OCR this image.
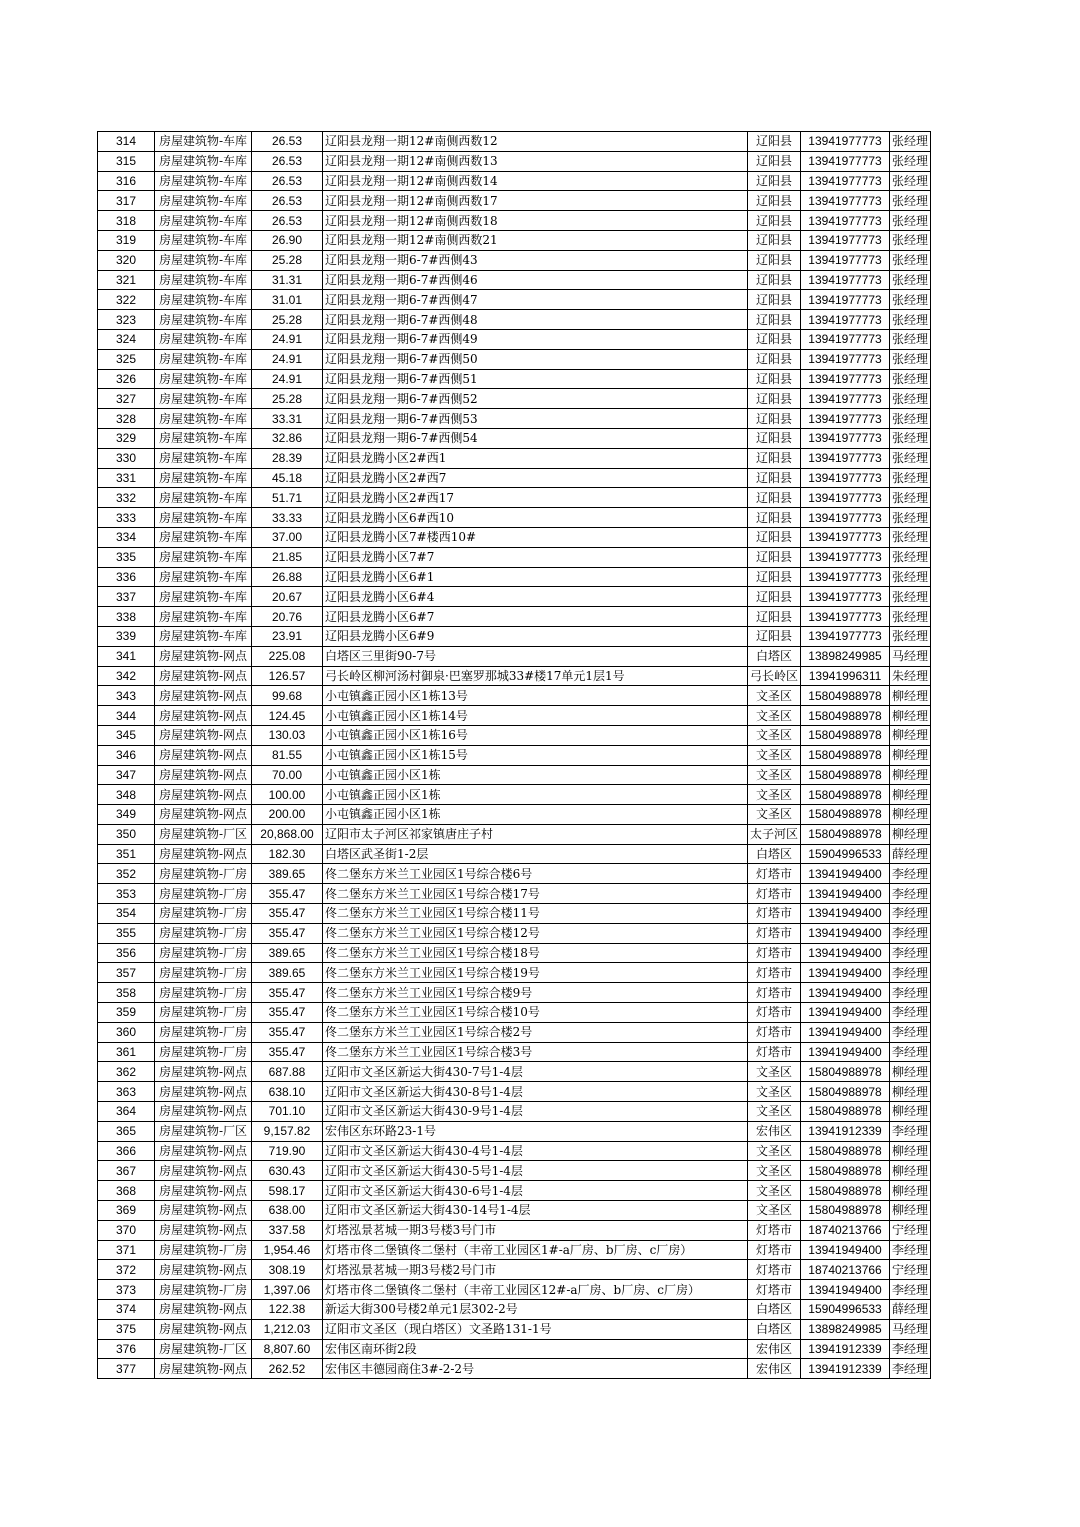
314	房屋建筑物-车库	26.53	辽阳县龙翔一期12#南侧西数12	辽阳县	13941977773	张经理
315	房屋建筑物-车库	26.53	辽阳县龙翔一期12#南侧西数13	辽阳县	13941977773	张经理
316	房屋建筑物-车库	26.53	辽阳县龙翔一期12#南侧西数14	辽阳县	13941977773	张经理
317	房屋建筑物-车库	26.53	辽阳县龙翔一期12#南侧西数17	辽阳县	13941977773	张经理
318	房屋建筑物-车库	26.53	辽阳县龙翔一期12#南侧西数18	辽阳县	13941977773	张经理
319	房屋建筑物-车库	26.90	辽阳县龙翔一期12#南侧西数21	辽阳县	13941977773	张经理
320	房屋建筑物-车库	25.28	辽阳县龙翔一期6-7#西侧43	辽阳县	13941977773	张经理
321	房屋建筑物-车库	31.31	辽阳县龙翔一期6-7#西侧46	辽阳县	13941977773	张经理
322	房屋建筑物-车库	31.01	辽阳县龙翔一期6-7#西侧47	辽阳县	13941977773	张经理
323	房屋建筑物-车库	25.28	辽阳县龙翔一期6-7#西侧48	辽阳县	13941977773	张经理
324	房屋建筑物-车库	24.91	辽阳县龙翔一期6-7#西侧49	辽阳县	13941977773	张经理
325	房屋建筑物-车库	24.91	辽阳县龙翔一期6-7#西侧50	辽阳县	13941977773	张经理
326	房屋建筑物-车库	24.91	辽阳县龙翔一期6-7#西侧51	辽阳县	13941977773	张经理
327	房屋建筑物-车库	25.28	辽阳县龙翔一期6-7#西侧52	辽阳县	13941977773	张经理
328	房屋建筑物-车库	33.31	辽阳县龙翔一期6-7#西侧53	辽阳县	13941977773	张经理
329	房屋建筑物-车库	32.86	辽阳县龙翔一期6-7#西侧54	辽阳县	13941977773	张经理
330	房屋建筑物-车库	28.39	辽阳县龙腾小区2#西1	辽阳县	13941977773	张经理
331	房屋建筑物-车库	45.18	辽阳县龙腾小区2#西7	辽阳县	13941977773	张经理
332	房屋建筑物-车库	51.71	辽阳县龙腾小区2#西17	辽阳县	13941977773	张经理
333	房屋建筑物-车库	33.33	辽阳县龙腾小区6#西10	辽阳县	13941977773	张经理
334	房屋建筑物-车库	37.00	辽阳县龙腾小区7#楼西10#	辽阳县	13941977773	张经理
335	房屋建筑物-车库	21.85	辽阳县龙腾小区7#7	辽阳县	13941977773	张经理
336	房屋建筑物-车库	26.88	辽阳县龙腾小区6#1	辽阳县	13941977773	张经理
337	房屋建筑物-车库	20.67	辽阳县龙腾小区6#4	辽阳县	13941977773	张经理
338	房屋建筑物-车库	20.76	辽阳县龙腾小区6#7	辽阳县	13941977773	张经理
339	房屋建筑物-车库	23.91	辽阳县龙腾小区6#9	辽阳县	13941977773	张经理
341	房屋建筑物-网点	225.08	白塔区三里街90-7号	白塔区	13898249985	马经理
342	房屋建筑物-网点	126.57	弓长岭区柳河汤村御泉·巴塞罗那城33#楼17单元1层1号	弓长岭区	13941996311	朱经理
343	房屋建筑物-网点	99.68	小屯镇鑫正园小区1栋13号	文圣区	15804988978	柳经理
344	房屋建筑物-网点	124.45	小屯镇鑫正园小区1栋14号	文圣区	15804988978	柳经理
345	房屋建筑物-网点	130.03	小屯镇鑫正园小区1栋16号	文圣区	15804988978	柳经理
346	房屋建筑物-网点	81.55	小屯镇鑫正园小区1栋15号	文圣区	15804988978	柳经理
347	房屋建筑物-网点	70.00	小屯镇鑫正园小区1栋	文圣区	15804988978	柳经理
348	房屋建筑物-网点	100.00	小屯镇鑫正园小区1栋	文圣区	15804988978	柳经理
349	房屋建筑物-网点	200.00	小屯镇鑫正园小区1栋	文圣区	15804988978	柳经理
350	房屋建筑物-厂区	20,868.00	辽阳市太子河区祁家镇唐庄子村	太子河区	15804988978	柳经理
351	房屋建筑物-网点	182.30	白塔区武圣街1-2层	白塔区	15904996533	薛经理
352	房屋建筑物-厂房	389.65	佟二堡东方米兰工业园区1号综合楼6号	灯塔市	13941949400	李经理
353	房屋建筑物-厂房	355.47	佟二堡东方米兰工业园区1号综合楼17号	灯塔市	13941949400	李经理
354	房屋建筑物-厂房	355.47	佟二堡东方米兰工业园区1号综合楼11号	灯塔市	13941949400	李经理
355	房屋建筑物-厂房	355.47	佟二堡东方米兰工业园区1号综合楼12号	灯塔市	13941949400	李经理
356	房屋建筑物-厂房	389.65	佟二堡东方米兰工业园区1号综合楼18号	灯塔市	13941949400	李经理
357	房屋建筑物-厂房	389.65	佟二堡东方米兰工业园区1号综合楼19号	灯塔市	13941949400	李经理
358	房屋建筑物-厂房	355.47	佟二堡东方米兰工业园区1号综合楼9号	灯塔市	13941949400	李经理
359	房屋建筑物-厂房	355.47	佟二堡东方米兰工业园区1号综合楼10号	灯塔市	13941949400	李经理
360	房屋建筑物-厂房	355.47	佟二堡东方米兰工业园区1号综合楼2号	灯塔市	13941949400	李经理
361	房屋建筑物-厂房	355.47	佟二堡东方米兰工业园区1号综合楼3号	灯塔市	13941949400	李经理
362	房屋建筑物-网点	687.88	辽阳市文圣区新运大街430-7号1-4层	文圣区	15804988978	柳经理
363	房屋建筑物-网点	638.10	辽阳市文圣区新运大街430-8号1-4层	文圣区	15804988978	柳经理
364	房屋建筑物-网点	701.10	辽阳市文圣区新运大街430-9号1-4层	文圣区	15804988978	柳经理
365	房屋建筑物-厂区	9,157.82	宏伟区东环路23-1号	宏伟区	13941912339	李经理
366	房屋建筑物-网点	719.90	辽阳市文圣区新运大街430-4号1-4层	文圣区	15804988978	柳经理
367	房屋建筑物-网点	630.43	辽阳市文圣区新运大街430-5号1-4层	文圣区	15804988978	柳经理
368	房屋建筑物-网点	598.17	辽阳市文圣区新运大街430-6号1-4层	文圣区	15804988978	柳经理
369	房屋建筑物-网点	638.00	辽阳市文圣区新运大街430-14号1-4层	文圣区	15804988978	柳经理
370	房屋建筑物-网点	337.58	灯塔泓景茗城一期3号楼3号门市	灯塔市	18740213766	宁经理
371	房屋建筑物-厂房	1,954.46	灯塔市佟二堡镇佟二堡村（丰帝工业园区1#-a厂房、b厂房、c厂房）	灯塔市	13941949400	李经理
372	房屋建筑物-网点	308.19	灯塔泓景茗城一期3号楼2号门市	灯塔市	18740213766	宁经理
373	房屋建筑物-厂房	1,397.06	灯塔市佟二堡镇佟二堡村（丰帝工业园区12#-a厂房、b厂房、c厂房）	灯塔市	13941949400	李经理
374	房屋建筑物-网点	122.38	新运大街300号楼2单元1层302-2号	白塔区	15904996533	薛经理
375	房屋建筑物-网点	1,212.03	辽阳市文圣区（现白塔区）文圣路131-1号	白塔区	13898249985	马经理
376	房屋建筑物-厂区	8,807.60	宏伟区南环街2段	宏伟区	13941912339	李经理
377	房屋建筑物-网点	262.52	宏伟区丰德园商住3#-2-2号	宏伟区	13941912339	李经理
